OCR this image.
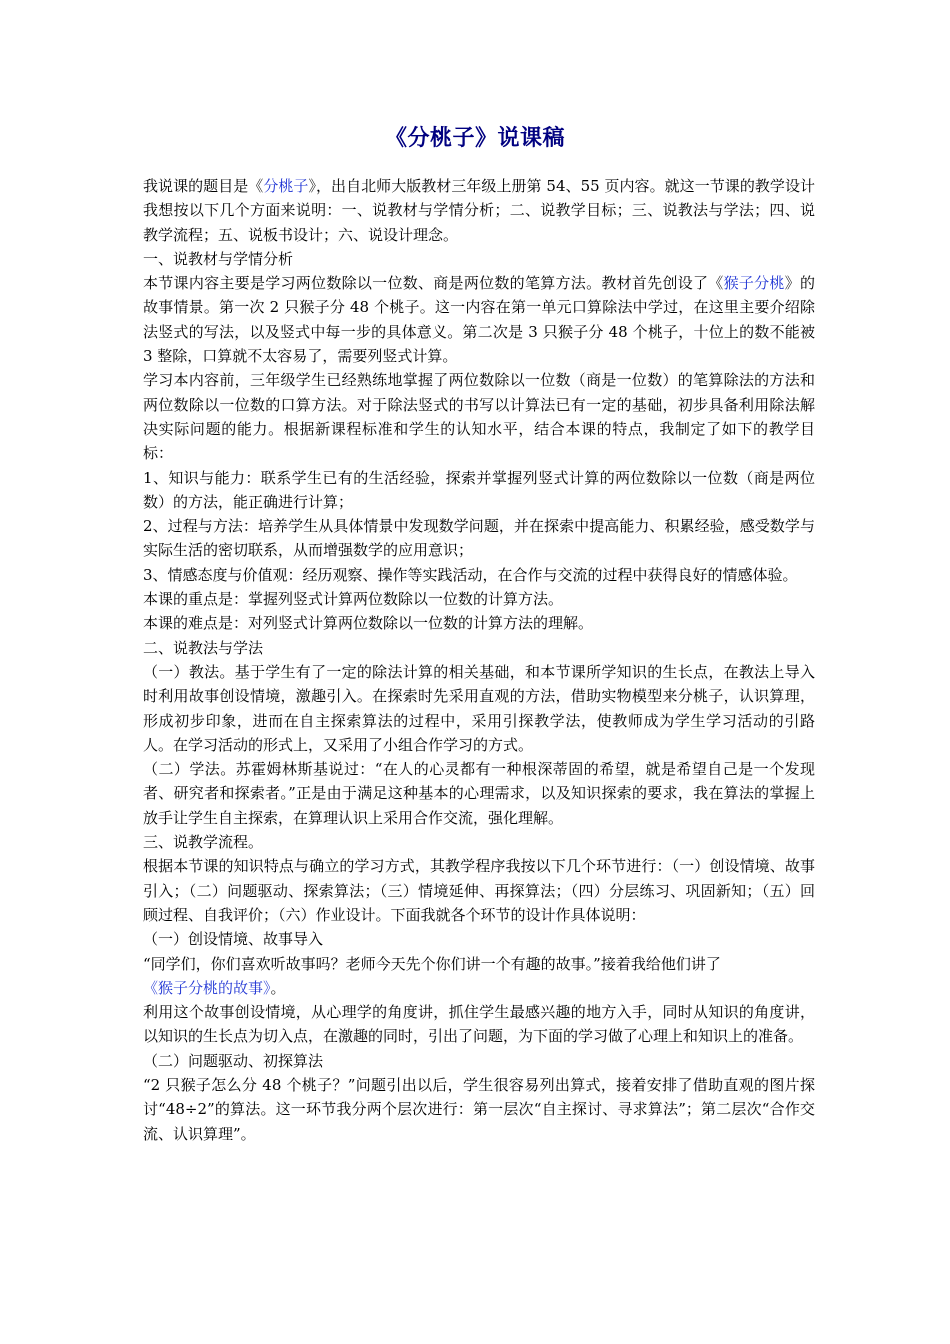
《分桃子》说课稿
我说课的题目是《分桃子》，出自北师大版教材三年级上册第 54、55 页内容。就这一节课的教学设计我想按以下几个方面来说明：一、说教材与学情分析；二、说教学目标；三、说教法与学法；四、说教学流程；五、说板书设计；六、说设计理念。
一、说教材与学情分析
本节课内容主要是学习两位数除以一位数、商是两位数的笔算方法。教材首先创设了《猴子分桃》的故事情景。第一次 2 只猴子分 48 个桃子。这一内容在第一单元口算除法中学过，在这里主要介绍除法竖式的写法，以及竖式中每一步的具体意义。第二次是 3 只猴子分 48 个桃子，十位上的数不能被 3 整除，口算就不太容易了，需要列竖式计算。
学习本内容前，三年级学生已经熟练地掌握了两位数除以一位数（商是一位数）的笔算除法的方法和两位数除以一位数的口算方法。对于除法竖式的书写以计算法已有一定的基础，初步具备利用除法解决实际问题的能力。根据新课程标准和学生的认知水平，结合本课的特点，我制定了如下的教学目标：
1、知识与能力：联系学生已有的生活经验，探索并掌握列竖式计算的两位数除以一位数（商是两位数）的方法，能正确进行计算；
2、过程与方法：培养学生从具体情景中发现数学问题，并在探索中提高能力、积累经验，感受数学与实际生活的密切联系，从而增强数学的应用意识；
3、情感态度与价值观：经历观察、操作等实践活动，在合作与交流的过程中获得良好的情感体验。
本课的重点是：掌握列竖式计算两位数除以一位数的计算方法。
本课的难点是：对列竖式计算两位数除以一位数的计算方法的理解。
二、说教法与学法
（一）教法。基于学生有了一定的除法计算的相关基础，和本节课所学知识的生长点，在教法上导入时利用故事创设情境，激趣引入。在探索时先采用直观的方法，借助实物模型来分桃子，认识算理，形成初步印象，进而在自主探索算法的过程中，采用引探教学法，使教师成为学生学习活动的引路人。在学习活动的形式上，又采用了小组合作学习的方式。
（二）学法。苏霍姆林斯基说过：“在人的心灵都有一种根深蒂固的希望，就是希望自己是一个发现者、研究者和探索者。”正是由于满足这种基本的心理需求，以及知识探索的要求，我在算法的掌握上放手让学生自主探索，在算理认识上采用合作交流，强化理解。
三、说教学流程。
根据本节课的知识特点与确立的学习方式，其教学程序我按以下几个环节进行：（一）创设情境、故事引入；（二）问题驱动、探索算法；（三）情境延伸、再探算法；（四）分层练习、巩固新知；（五）回顾过程、自我评价；（六）作业设计。下面我就各个环节的设计作具体说明：
（一）创设情境、故事导入
“同学们，你们喜欢听故事吗？老师今天先个你们讲一个有趣的故事。”接着我给他们讲了
《猴子分桃的故事》。
利用这个故事创设情境，从心理学的角度讲，抓住学生最感兴趣的地方入手，同时从知识的角度讲，以知识的生长点为切入点，在激趣的同时，引出了问题，为下面的学习做了心理上和知识上的准备。
（二）问题驱动、初探算法
“2 只猴子怎么分 48 个桃子？”问题引出以后，学生很容易列出算式，接着安排了借助直观的图片探讨“48÷2”的算法。这一环节我分两个层次进行：第一层次“自主探讨、寻求算法”；第二层次“合作交流、认识算理”。
